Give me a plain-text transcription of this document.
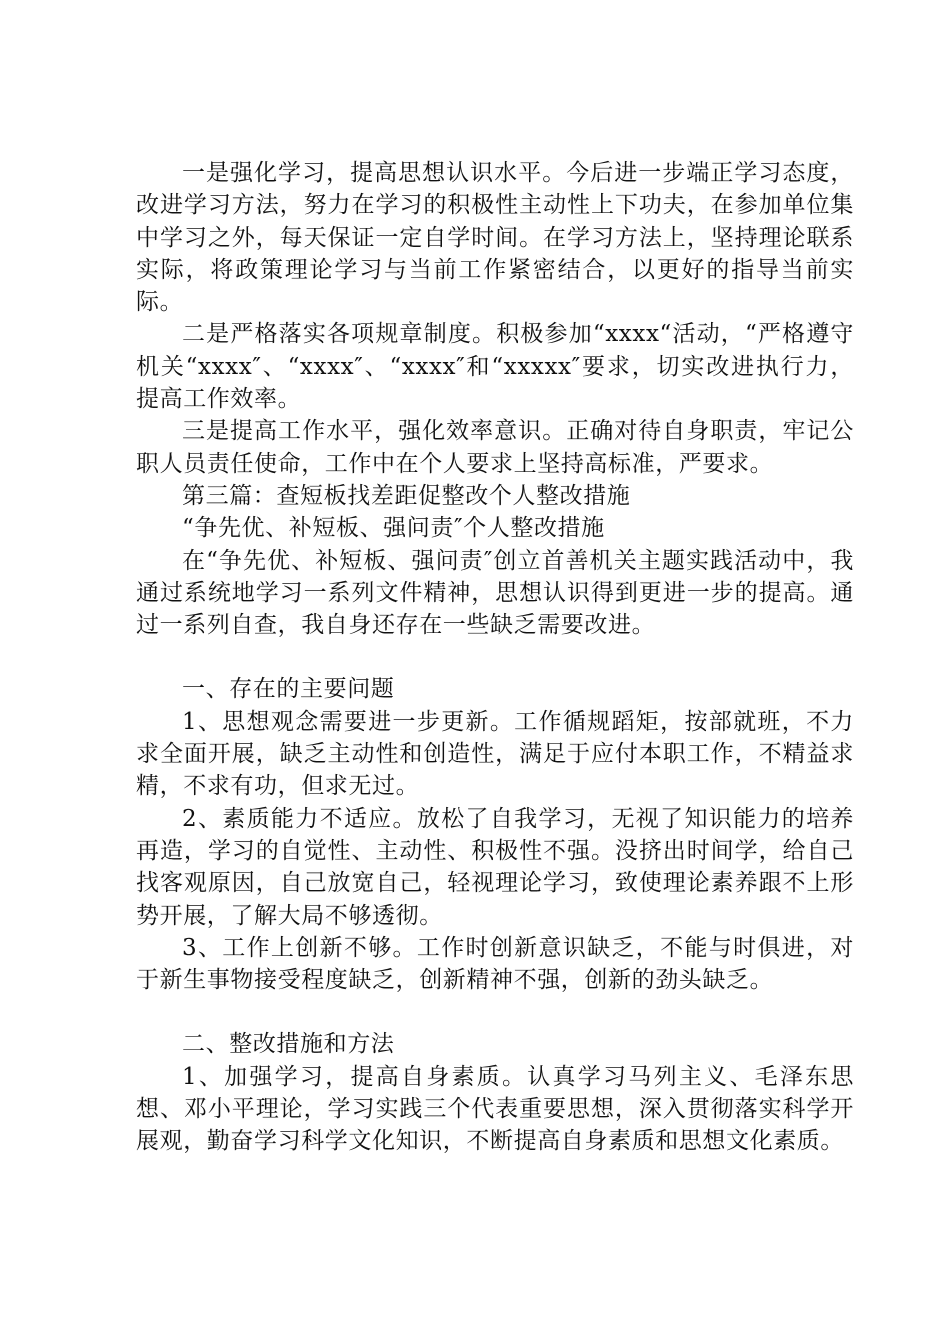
一是强化学习，提高思想认识水平。今后进一步端正学习态度，改进学习方法，努力在学习的积极性主动性上下功夫，在参加单位集中学习之外，每天保证一定自学时间。在学习方法上，坚持理论联系实际，将政策理论学习与当前工作紧密结合，以更好的指导当前实际。

二是严格落实各项规章制度。积极参加“xxxx“活动，“严格遵守机关“xxxx″、“xxxx″、“xxxx″和“xxxxx″要求，切实改进执行力，提高工作效率。

三是提高工作水平，强化效率意识。正确对待自身职责，牢记公职人员责任使命，工作中在个人要求上坚持高标准，严要求。

第三篇：查短板找差距促整改个人整改措施

“争先优、补短板、强问责″个人整改措施

在“争先优、补短板、强问责″创立首善机关主题实践活动中，我通过系统地学习一系列文件精神，思想认识得到更进一步的提高。通过一系列自查，我自身还存在一些缺乏需要改进。

一、存在的主要问题

1、思想观念需要进一步更新。工作循规蹈矩，按部就班，不力求全面开展，缺乏主动性和创造性，满足于应付本职工作，不精益求精，不求有功，但求无过。

2、素质能力不适应。放松了自我学习，无视了知识能力的培养再造，学习的自觉性、主动性、积极性不强。没挤出时间学，给自己找客观原因，自己放宽自己，轻视理论学习，致使理论素养跟不上形势开展，了解大局不够透彻。

3、工作上创新不够。工作时创新意识缺乏，不能与时俱进，对于新生事物接受程度缺乏，创新精神不强，创新的劲头缺乏。

二、整改措施和方法

1、加强学习，提高自身素质。认真学习马列主义、毛泽东思想、邓小平理论，学习实践三个代表重要思想，深入贯彻落实科学开展观，勤奋学习科学文化知识，不断提高自身素质和思想文化素质。
